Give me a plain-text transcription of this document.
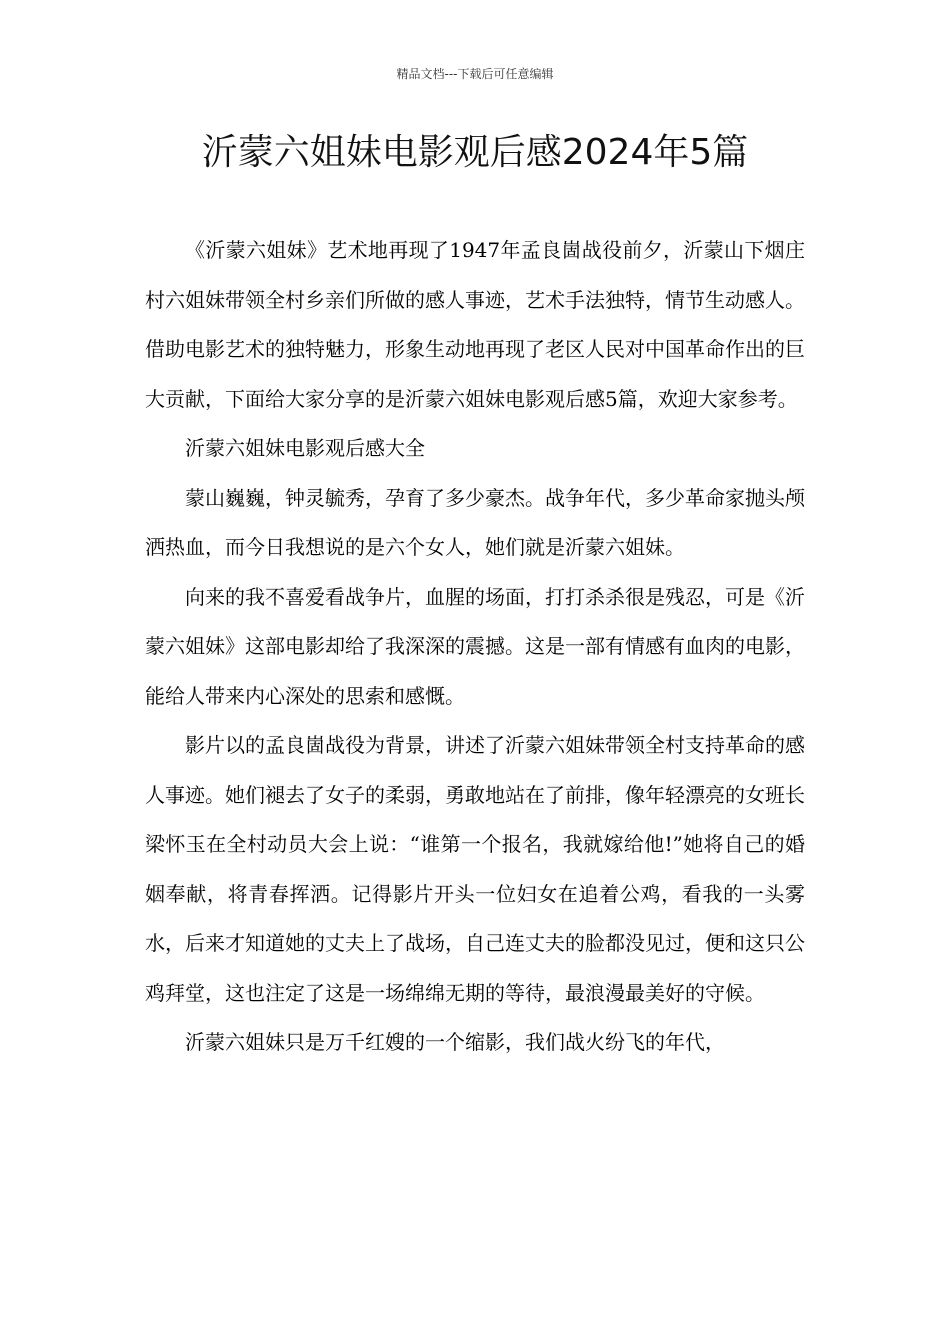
精品文档---下载后可任意编辑
沂蒙六姐妹电影观后感2024年5篇

《沂蒙六姐妹》艺术地再现了1947年孟良崮战役前夕，沂蒙山下烟庄村六姐妹带领全村乡亲们所做的感人事迹，艺术手法独特，情节生动感人。借助电影艺术的独特魅力，形象生动地再现了老区人民对中国革命作出的巨大贡献，下面给大家分享的是沂蒙六姐妹电影观后感5篇，欢迎大家参考。

沂蒙六姐妹电影观后感大全

蒙山巍巍，钟灵毓秀，孕育了多少豪杰。战争年代，多少革命家抛头颅洒热血，而今日我想说的是六个女人，她们就是沂蒙六姐妹。

向来的我不喜爱看战争片，血腥的场面，打打杀杀很是残忍，可是《沂蒙六姐妹》这部电影却给了我深深的震撼。这是一部有情感有血肉的电影，能给人带来内心深处的思索和感慨。

影片以的孟良崮战役为背景，讲述了沂蒙六姐妹带领全村支持革命的感人事迹。她们褪去了女子的柔弱，勇敢地站在了前排，像年轻漂亮的女班长梁怀玉在全村动员大会上说：“谁第一个报名，我就嫁给他!”她将自己的婚姻奉献，将青春挥洒。记得影片开头一位妇女在追着公鸡，看我的一头雾水，后来才知道她的丈夫上了战场，自己连丈夫的脸都没见过，便和这只公鸡拜堂，这也注定了这是一场绵绵无期的等待，最浪漫最美好的守候。

沂蒙六姐妹只是万千红嫂的一个缩影，我们战火纷飞的年代，
